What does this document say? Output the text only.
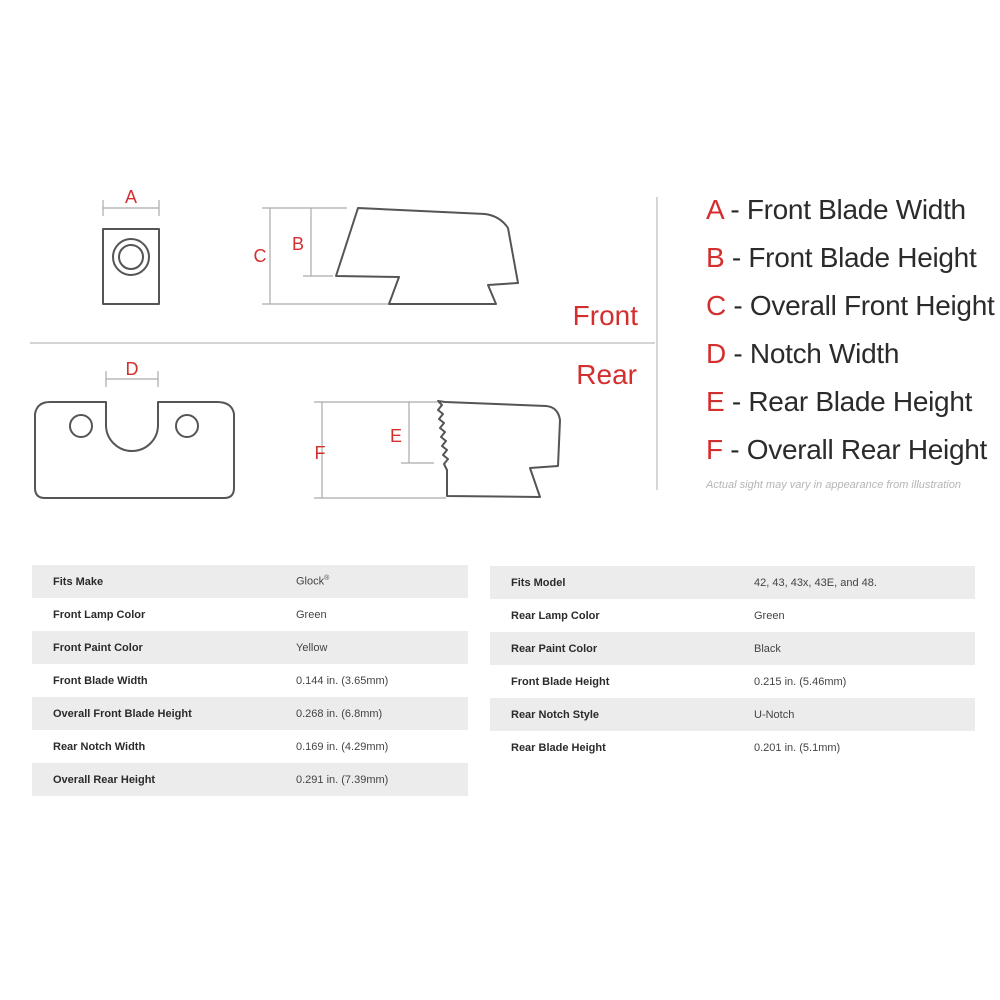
A
C
B
Front
Rear
D
F
E
A - Front Blade Width
B - Front Blade Height
C - Overall Front Height
D - Notch Width
E - Rear Blade Height
F - Overall Rear Height
Actual sight may vary in appearance from illustration
Fits Make	Glock®
Front Lamp Color	Green
Front Paint Color	Yellow
Front Blade Width	0.144 in. (3.65mm)
Overall Front Blade Height	0.268 in. (6.8mm)
Rear Notch Width	0.169 in. (4.29mm)
Overall Rear Height	0.291 in. (7.39mm)
Fits Model	42, 43, 43x, 43E, and 48.
Rear Lamp Color	Green
Rear Paint Color	Black
Front Blade Height	0.215 in. (5.46mm)
Rear Notch Style	U-Notch
Rear Blade Height	0.201 in. (5.1mm)
